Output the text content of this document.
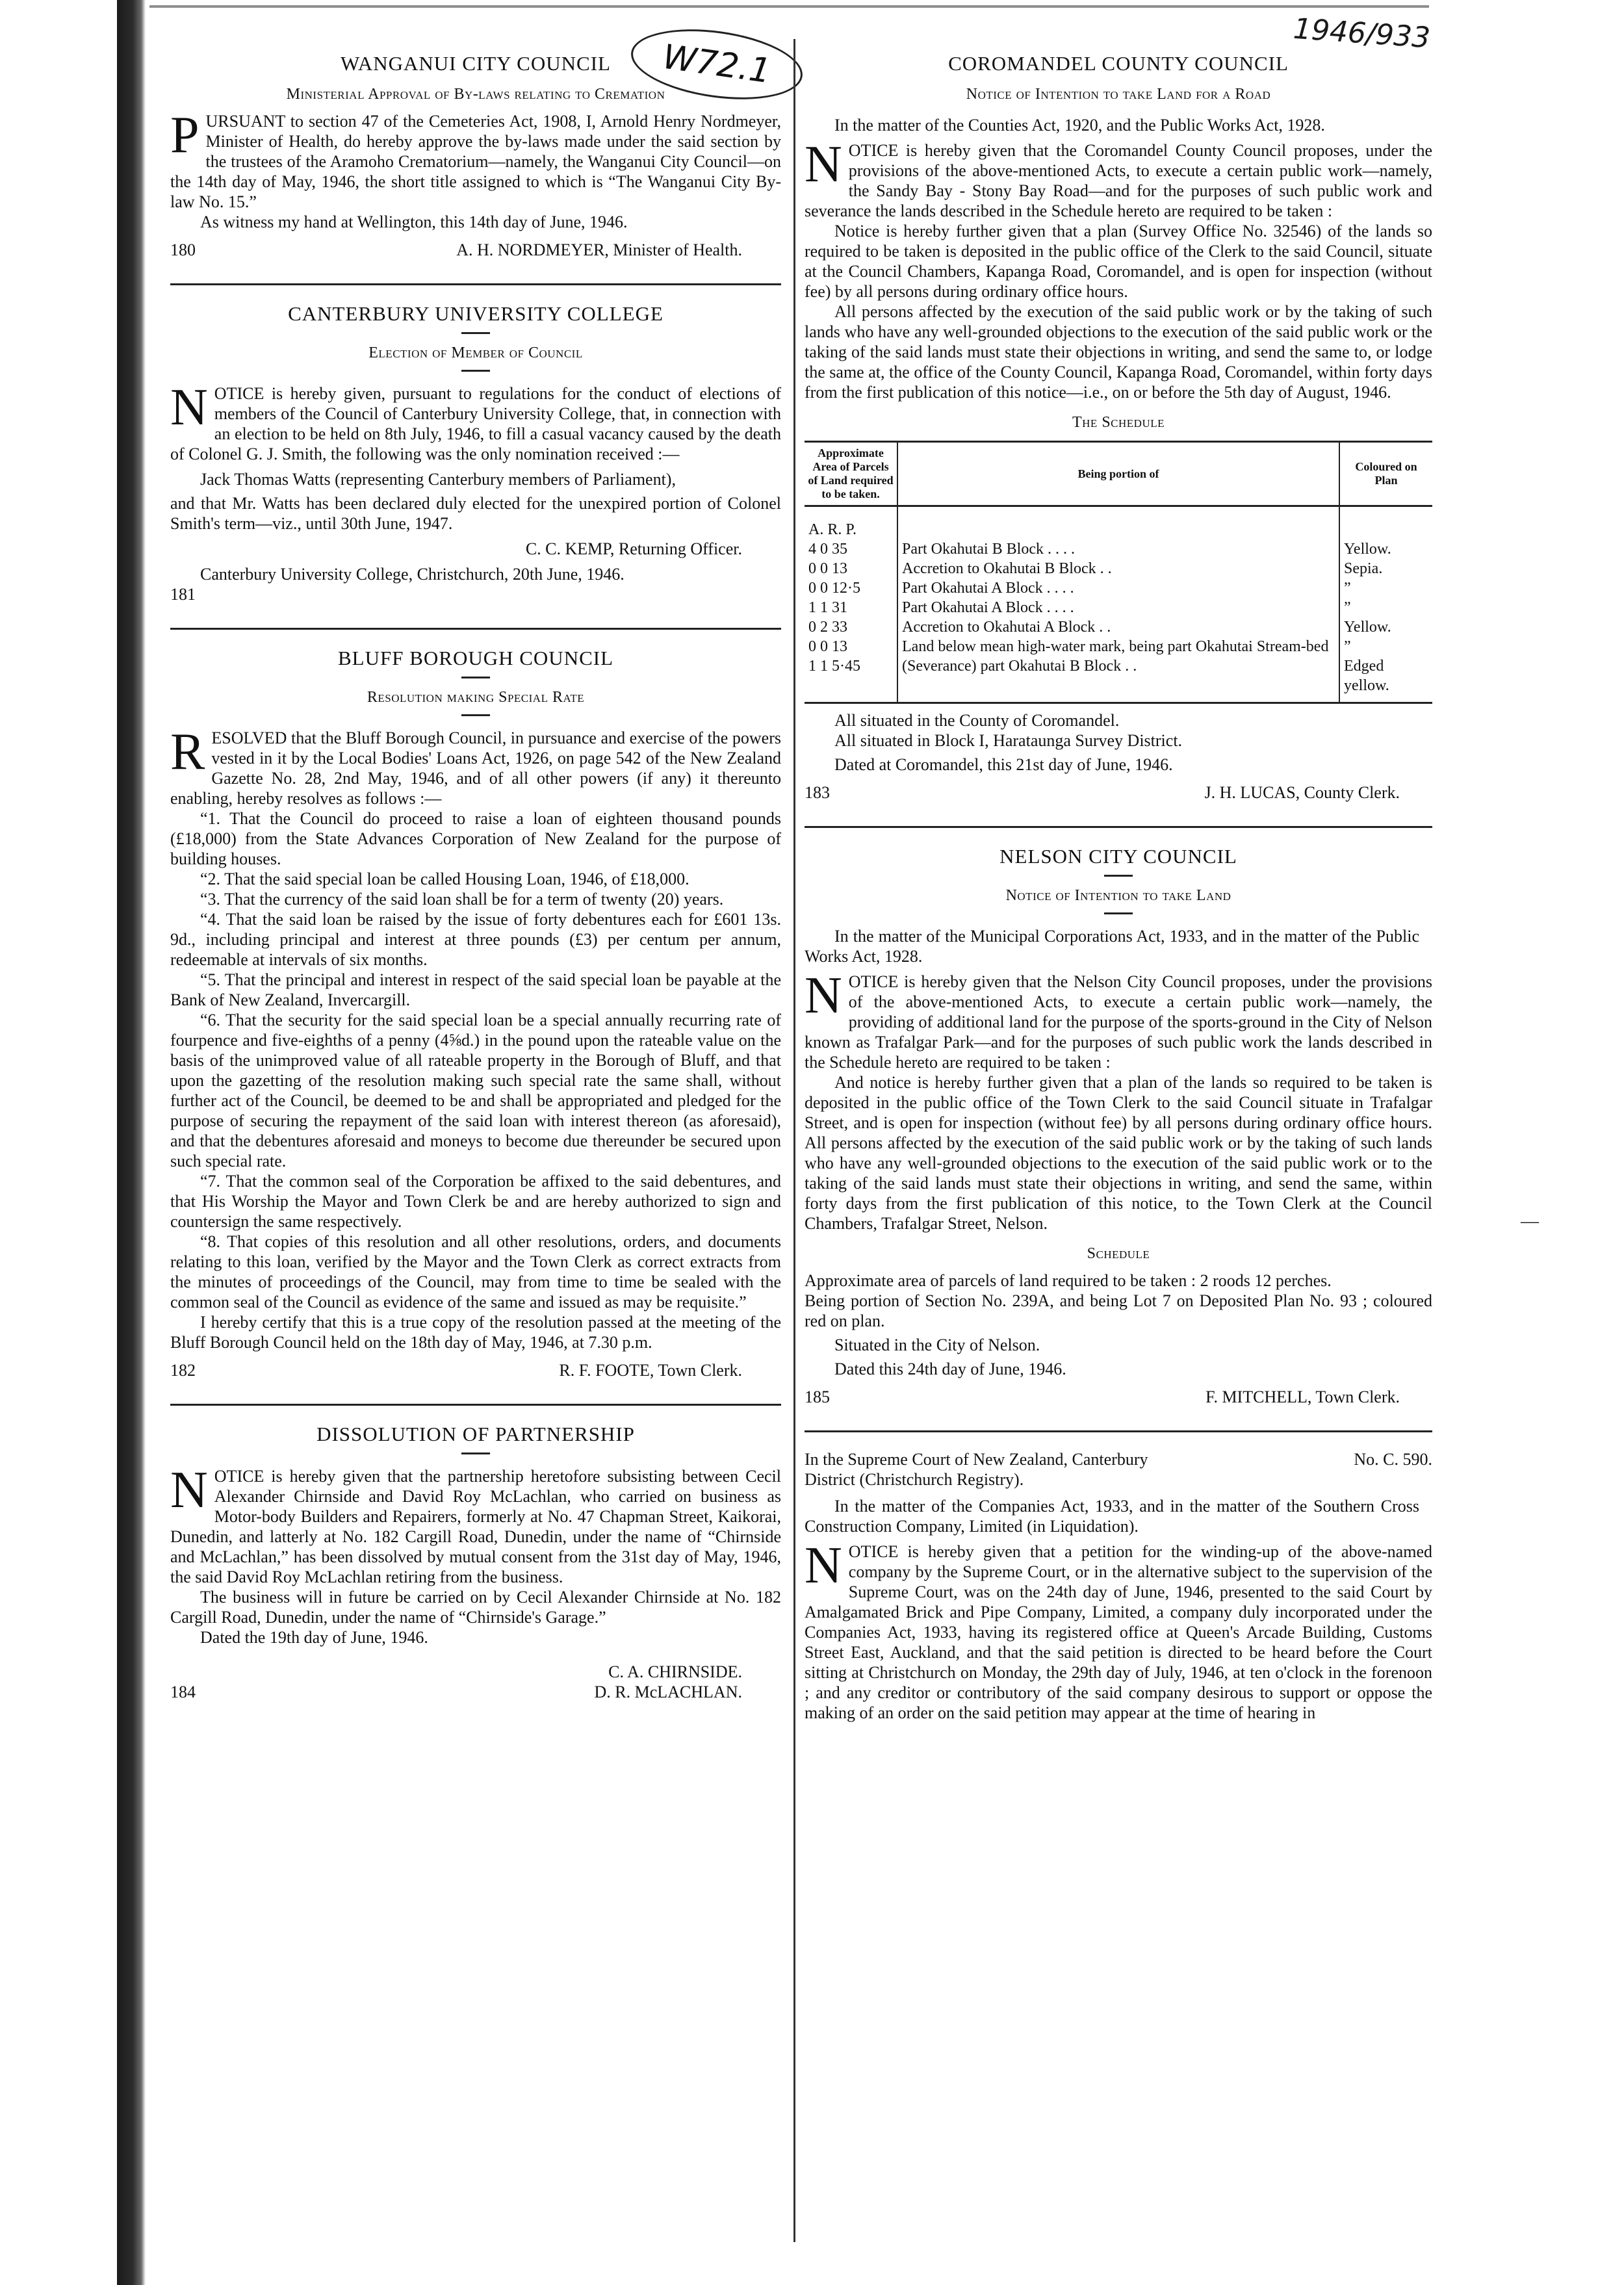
W72.1
1946/933
—
WANGANUI CITY COUNCIL
Ministerial Approval of By-laws relating to Cremation

PURSUANT to section 47 of the Cemeteries Act, 1908, I, Arnold Henry Nordmeyer, Minister of Health, do hereby approve the by-laws made under the said section by the trustees of the Aramoho Crematorium—namely, the Wanganui City Council—on the 14th day of May, 1946, the short title assigned to which is “The Wanganui City By-law No. 15.”

As witness my hand at Wellington, this 14th day of June, 1946.

180	A. H. NORDMEYER, Minister of Health.
CANTERBURY UNIVERSITY COLLEGE
Election of Member of Council

NOTICE is hereby given, pursuant to regulations for the conduct of elections of members of the Council of Canterbury University College, that, in connection with an election to be held on 8th July, 1946, to fill a casual vacancy caused by the death of Colonel G. J. Smith, the following was the only nomination received :—

Jack Thomas Watts (representing Canterbury members of Parliament),

and that Mr. Watts has been declared duly elected for the unexpired portion of Colonel Smith's term—viz., until 30th June, 1947.

C. C. KEMP, Returning Officer.

Canterbury University College, Christchurch, 20th June, 1946.

181

BLUFF BOROUGH COUNCIL
Resolution making Special Rate

RESOLVED that the Bluff Borough Council, in pursuance and exercise of the powers vested in it by the Local Bodies' Loans Act, 1926, on page 542 of the New Zealand Gazette No. 28, 2nd May, 1946, and of all other powers (if any) it thereunto enabling, hereby resolves as follows :—

“1. That the Council do proceed to raise a loan of eighteen thousand pounds (£18,000) from the State Advances Corporation of New Zealand for the purpose of building houses.

“2. That the said special loan be called Housing Loan, 1946, of £18,000.

“3. That the currency of the said loan shall be for a term of twenty (20) years.

“4. That the said loan be raised by the issue of forty debentures each for £601 13s. 9d., including principal and interest at three pounds (£3) per centum per annum, redeemable at intervals of six months.

“5. That the principal and interest in respect of the said special loan be payable at the Bank of New Zealand, Invercargill.

“6. That the security for the said special loan be a special annually recurring rate of fourpence and five-eighths of a penny (4⅝d.) in the pound upon the rateable value on the basis of the unimproved value of all rateable property in the Borough of Bluff, and that upon the gazetting of the resolution making such special rate the same shall, without further act of the Council, be deemed to be and shall be appropriated and pledged for the purpose of securing the repayment of the said loan with interest thereon (as aforesaid), and that the debentures aforesaid and moneys to become due thereunder be secured upon such special rate.

“7. That the common seal of the Corporation be affixed to the said debentures, and that His Worship the Mayor and Town Clerk be and are hereby authorized to sign and countersign the same respectively.

“8. That copies of this resolution and all other resolutions, orders, and documents relating to this loan, verified by the Mayor and the Town Clerk as correct extracts from the minutes of proceedings of the Council, may from time to time be sealed with the common seal of the Council as evidence of the same and issued as may be requisite.”

I hereby certify that this is a true copy of the resolution passed at the meeting of the Bluff Borough Council held on the 18th day of May, 1946, at 7.30 p.m.

182	R. F. FOOTE, Town Clerk.
DISSOLUTION OF PARTNERSHIP

NOTICE is hereby given that the partnership heretofore subsisting between Cecil Alexander Chirnside and David Roy McLachlan, who carried on business as Motor-body Builders and Repairers, formerly at No. 47 Chapman Street, Kaikorai, Dunedin, and latterly at No. 182 Cargill Road, Dunedin, under the name of “Chirnside and McLachlan,” has been dissolved by mutual consent from the 31st day of May, 1946, the said David Roy McLachlan retiring from the business.

The business will in future be carried on by Cecil Alexander Chirnside at No. 182 Cargill Road, Dunedin, under the name of “Chirnside's Garage.”

Dated the 19th day of June, 1946.

C. A. CHIRNSIDE.

184	D. R. McLACHLAN.
COROMANDEL COUNTY COUNCIL
Notice of Intention to take Land for a Road

In the matter of the Counties Act, 1920, and the Public Works Act, 1928.

NOTICE is hereby given that the Coromandel County Council proposes, under the provisions of the above-mentioned Acts, to execute a certain public work—namely, the Sandy Bay - Stony Bay Road—and for the purposes of such public work and severance the lands described in the Schedule hereto are required to be taken :

Notice is hereby further given that a plan (Survey Office No. 32546) of the lands so required to be taken is deposited in the public office of the Clerk to the said Council, situate at the Council Chambers, Kapanga Road, Coromandel, and is open for inspection (without fee) by all persons during ordinary office hours.

All persons affected by the execution of the said public work or by the taking of such lands who have any well-grounded objections to the execution of the said public work or the taking of the said lands must state their objections in writing, and send the same to, or lodge the same at, the office of the County Council, Kapanga Road, Coromandel, within forty days from the first publication of this notice—i.e., on or before the 5th day of August, 1946.

The Schedule
Approximate Area of Parcels of Land required to be taken.	Being portion of	Coloured on Plan
A. R. P.		
4 0 35	Part Okahutai B Block . . . .	Yellow.
0 0 13	Accretion to Okahutai B Block . .	Sepia.
0 0 12·5	Part Okahutai A Block . . . .	”
1 1 31	Part Okahutai A Block . . . .	”
0 2 33	Accretion to Okahutai A Block . .	Yellow.
0 0 13	Land below mean high-water mark, being part Okahutai Stream-bed	”
1 1 5·45	(Severance) part Okahutai B Block . .	Edged yellow.

All situated in the County of Coromandel.

All situated in Block I, Harataunga Survey District.

Dated at Coromandel, this 21st day of June, 1946.

183	J. H. LUCAS, County Clerk.
NELSON CITY COUNCIL
Notice of Intention to take Land

In the matter of the Municipal Corporations Act, 1933, and in the matter of the Public Works Act, 1928.

NOTICE is hereby given that the Nelson City Council proposes, under the provisions of the above-mentioned Acts, to execute a certain public work—namely, the providing of additional land for the purpose of the sports-ground in the City of Nelson known as Trafalgar Park—and for the purposes of such public work the lands described in the Schedule hereto are required to be taken :

And notice is hereby further given that a plan of the lands so required to be taken is deposited in the public office of the Town Clerk to the said Council situate in Trafalgar Street, and is open for inspection (without fee) by all persons during ordinary office hours. All persons affected by the execution of the said public work or by the taking of such lands who have any well-grounded objections to the execution of the said public work or to the taking of the said lands must state their objections in writing, and send the same, within forty days from the first publication of this notice, to the Town Clerk at the Council Chambers, Trafalgar Street, Nelson.

Schedule

Approximate area of parcels of land required to be taken : 2 roods 12 perches.

Being portion of Section No. 239A, and being Lot 7 on Deposited Plan No. 93 ; coloured red on plan.

Situated in the City of Nelson.

Dated this 24th day of June, 1946.

185	F. MITCHELL, Town Clerk.
In the Supreme Court of New Zealand, Canterbury District (Christchurch Registry).
No. C. 590.

In the matter of the Companies Act, 1933, and in the matter of the Southern Cross Construction Company, Limited (in Liquidation).

NOTICE is hereby given that a petition for the winding-up of the above-named company by the Supreme Court, or in the alternative subject to the supervision of the Supreme Court, was on the 24th day of June, 1946, presented to the said Court by Amalgamated Brick and Pipe Company, Limited, a company duly incorporated under the Companies Act, 1933, having its registered office at Queen's Arcade Building, Customs Street East, Auckland, and that the said petition is directed to be heard before the Court sitting at Christchurch on Monday, the 29th day of July, 1946, at ten o'clock in the forenoon ; and any creditor or contributory of the said company desirous to support or oppose the making of an order on the said petition may appear at the time of hearing in
